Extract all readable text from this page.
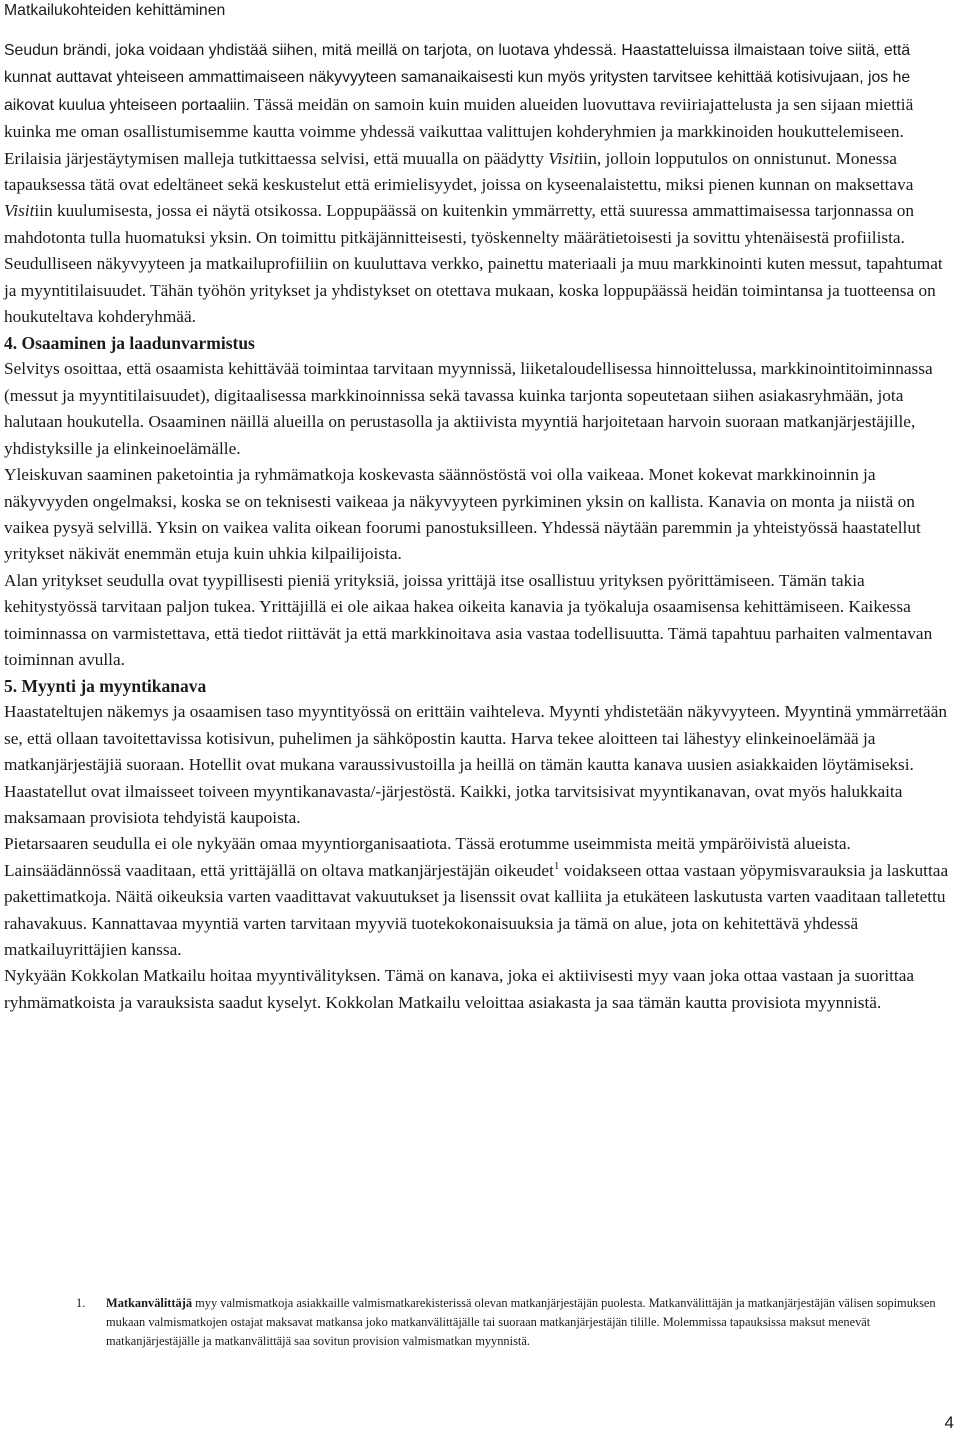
Matkailukohteiden kehittäminen

Seudun brändi, joka voidaan yhdistää siihen, mitä meillä on tarjota, on luotava yhdessä. Haastatteluissa ilmaistaan toive siitä, että kunnat auttavat yhteiseen ammattimaiseen näkyvyyteen samanaikaisesti kun myös yritysten tarvitsee kehittää kotisivujaan, jos he aikovat kuulua yhteiseen portaaliin. Tässä meidän on samoin kuin muiden alueiden luovuttava reviiriajattelusta ja sen sijaan miettiä kuinka me oman osallistumisemme kautta voimme yhdessä vaikuttaa valittujen kohderyhmien ja markkinoiden houkuttelemiseen. Erilaisia järjestäytymisen malleja tutkittaessa selvisi, että muualla on päädytty Visitiin, jolloin lopputulos on onnistunut. Monessa tapauksessa tätä ovat edeltäneet sekä keskustelut että erimielisyydet, joissa on kyseenalaistettu, miksi pienen kunnan on maksettava Visitiin kuulumisesta, jossa ei näytä otsikossa. Loppupäässä on kuitenkin ymmärretty, että suuressa ammattimaisessa tarjonnassa on mahdotonta tulla huomatuksi yksin. On toimittu pitkäjännitteisesti, työskennelty määrätietoisesti ja sovittu yhtenäisestä profiilista. Seudulliseen näkyvyyteen ja matkailuprofiiliin on kuuluttava verkko, painettu materiaali ja muu markkinointi kuten messut, tapahtumat ja myyntitilaisuudet. Tähän työhön yritykset ja yhdistykset on otettava mukaan, koska loppupäässä heidän toimintansa ja tuotteensa on houkuteltava kohderyhmää.

4. Osaaminen ja laadunvarmistus

Selvitys osoittaa, että osaamista kehittävää toimintaa tarvitaan myynnissä, liiketaloudellisessa hinnoittelussa, markkinointitoiminnassa (messut ja myyntitilaisuudet), digitaalisessa markkinoinnissa sekä tavassa kuinka tarjonta sopeutetaan siihen asiakasryhmään, jota halutaan houkutella. Osaaminen näillä alueilla on perustasolla ja aktiivista myyntiä harjoitetaan harvoin suoraan matkanjärjestäjille, yhdistyksille ja elinkeinoelämälle.

Yleiskuvan saaminen paketointia ja ryhmämatkoja koskevasta säännöstöstä voi olla vaikeaa. Monet kokevat markkinoinnin ja näkyvyyden ongelmaksi, koska se on teknisesti vaikeaa ja näkyvyyteen pyrkiminen yksin on kallista. Kanavia on monta ja niistä on vaikea pysyä selvillä. Yksin on vaikea valita oikean foorumi panostuksilleen. Yhdessä näytään paremmin ja yhteistyössä haastatellut yritykset näkivät enemmän etuja kuin uhkia kilpailijoista.

Alan yritykset seudulla ovat tyypillisesti pieniä yrityksiä, joissa yrittäjä itse osallistuu yrityksen pyörittämiseen. Tämän takia kehitystyössä tarvitaan paljon tukea. Yrittäjillä ei ole aikaa hakea oikeita kanavia ja työkaluja osaamisensa kehittämiseen. Kaikessa toiminnassa on varmistettava, että tiedot riittävät ja että markkinoitava asia vastaa todellisuutta. Tämä tapahtuu parhaiten valmentavan toiminnan avulla.

5. Myynti ja myyntikanava

Haastateltujen näkemys ja osaamisen taso myyntityössä on erittäin vaihteleva. Myynti yhdistetään näkyvyyteen. Myyntinä ymmärretään se, että ollaan tavoitettavissa kotisivun, puhelimen ja sähköpostin kautta. Harva tekee aloitteen tai lähestyy elinkeinoelämää ja matkanjärjestäjiä suoraan. Hotellit ovat mukana varaussivustoilla ja heillä on tämän kautta kanava uusien asiakkaiden löytämiseksi. Haastatellut ovat ilmaisseet toiveen myyntikanavasta/-järjestöstä. Kaikki, jotka tarvitsisivat myyntikanavan, ovat myös halukkaita maksamaan provisiota tehdyistä kaupoista.

Pietarsaaren seudulla ei ole nykyään omaa myyntiorganisaatiota. Tässä erotumme useimmista meitä ympäröivistä alueista. Lainsäädännössä vaaditaan, että yrittäjällä on oltava matkanjärjestäjän oikeudet$^1$ voidakseen ottaa vastaan yöpymisvarauksia ja laskuttaa pakettimatkoja. Näitä oikeuksia varten vaadittavat vakuutukset ja lisenssit ovat kalliita ja etukäteen laskutusta varten vaaditaan talletettu rahavakuus. Kannattavaa myyntiä varten tarvitaan myyviä tuotekokonaisuuksia ja tämä on alue, jota on kehitettävä yhdessä matkailuyrittäjien kanssa.

Nykyään Kokkolan Matkailu hoitaa myyntivälityksen. Tämä on kanava, joka ei aktiivisesti myy vaan joka ottaa vastaan ja suorittaa ryhmämatkoista ja varauksista saadut kyselyt. Kokkolan Matkailu veloittaa asiakasta ja saa tämän kautta provisiota myynnistä.

1.	Matkanvälittäjä myy valmismatkoja asiakkaille valmismatkarekisterissä olevan matkanjärjestäjän puolesta. Matkanvälittäjän ja matkanjärjestäjän välisen sopimuksen mukaan valmismatkojen ostajat maksavat matkansa joko matkanvälittäjälle tai suoraan matkanjärjestäjän tilille. Molemmissa tapauksissa maksut menevät matkanjärjestäjälle ja matkanvälittäjä saa sovitun provision valmismatkan myynnistä.
4
